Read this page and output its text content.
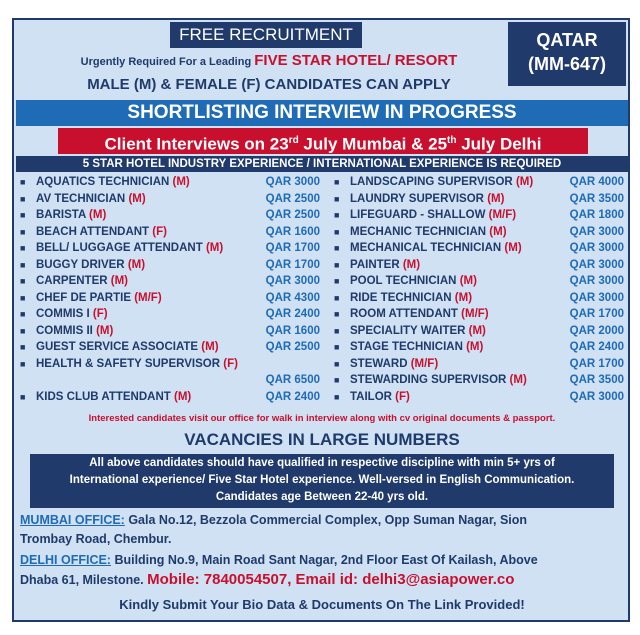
FREE RECRUITMENT
Urgently Required For a Leading FIVE STAR HOTEL/ RESORT
MALE (M) & FEMALE (F) CANDIDATES CAN APPLY
QATAR
(MM-647)
SHORTLISTING INTERVIEW IN PROGRESS
Client Interviews on 23rd July Mumbai & 25th July Delhi
5 STAR HOTEL INDUSTRY EXPERIENCE / INTERNATIONAL EXPERIENCE IS REQUIRED
■ AQUATICS TECHNICIAN (M)	QAR 3000
■ AV TECHNICIAN (M)	QAR 2500
■ BARISTA (M)	QAR 2500
■ BEACH ATTENDANT (F)	QAR 1600
■ BELL/ LUGGAGE ATTENDANT (M)	QAR 1700
■ BUGGY DRIVER (M)	QAR 1700
■ CARPENTER (M)	QAR 3000
■ CHEF DE PARTIE (M/F)	QAR 4300
■ COMMIS I (F)	QAR 2400
■ COMMIS II (M)	QAR 1600
■ GUEST SERVICE ASSOCIATE (M)	QAR 2500
■ HEALTH & SAFETY SUPERVISOR (F)
QAR 6500
■ KIDS CLUB ATTENDANT (M)	QAR 2400
■ LANDSCAPING SUPERVISOR (M)	QAR 4000
■ LAUNDRY SUPERVISOR (M)	QAR 3500
■ LIFEGUARD - SHALLOW (M/F)	QAR 1800
■ MECHANIC TECHNICIAN (M)	QAR 3000
■ MECHANICAL TECHNICIAN (M)	QAR 3000
■ PAINTER (M)	QAR 3000
■ POOL TECHNICIAN (M)	QAR 3000
■ RIDE TECHNICIAN (M)	QAR 3000
■ ROOM ATTENDANT (M/F)	QAR 1700
■ SPECIALITY WAITER (M)	QAR 2000
■ STAGE TECHNICIAN (M)	QAR 2400
■ STEWARD (M/F)	QAR 1700
■ STEWARDING SUPERVISOR (M)	QAR 3500
■ TAILOR (F)	QAR 3000
Interested candidates visit our office for walk in interview along with cv original documents & passport.
VACANCIES IN LARGE NUMBERS
All above candidates should have qualified in respective discipline with min 5+ yrs of
International experience/ Five Star Hotel experience. Well-versed in English Communication.
Candidates age Between 22-40 yrs old.
MUMBAI OFFICE: Gala No.12, Bezzola Commercial Complex, Opp Suman Nagar, Sion
Trombay Road, Chembur.
DELHI OFFICE: Building No.9, Main Road Sant Nagar, 2nd Floor East Of Kailash, Above
Dhaba 61, Milestone. Mobile: 7840054507, Email id: delhi3@asiapower.co
Kindly Submit Your Bio Data & Documents On The Link Provided!
